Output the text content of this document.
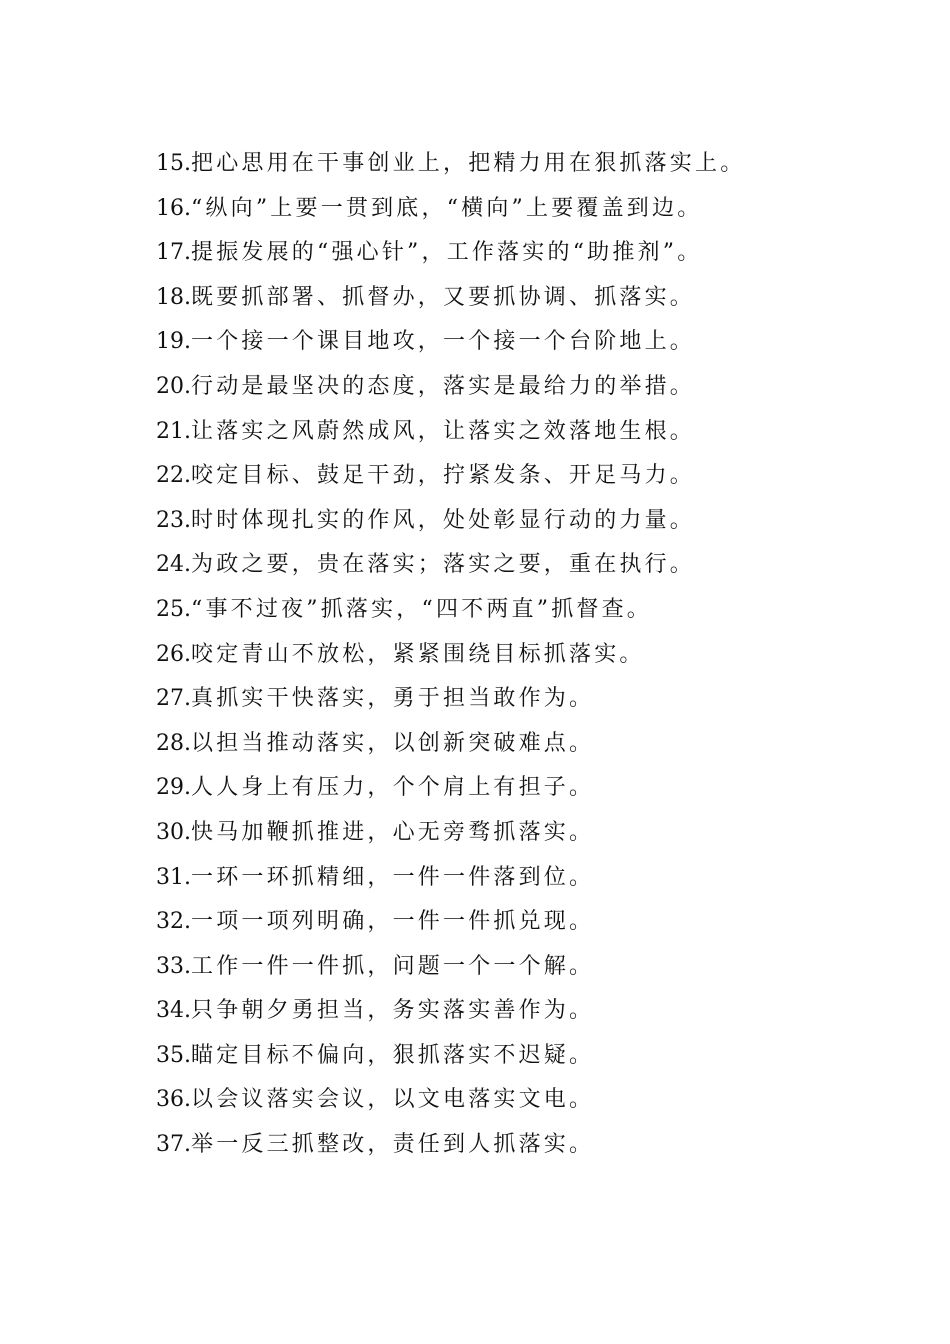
15.把心思用在干事创业上，把精力用在狠抓落实上。
16.“纵向”上要一贯到底，“横向”上要覆盖到边。
17.提振发展的“强心针”，工作落实的“助推剂”。
18.既要抓部署、抓督办，又要抓协调、抓落实。
19.一个接一个课目地攻，一个接一个台阶地上。
20.行动是最坚决的态度，落实是最给力的举措。
21.让落实之风蔚然成风，让落实之效落地生根。
22.咬定目标、鼓足干劲，拧紧发条、开足马力。
23.时时体现扎实的作风，处处彰显行动的力量。
24.为政之要，贵在落实；落实之要，重在执行。
25.“事不过夜”抓落实，“四不两直”抓督查。
26.咬定青山不放松，紧紧围绕目标抓落实。
27.真抓实干快落实，勇于担当敢作为。
28.以担当推动落实，以创新突破难点。
29.人人身上有压力，个个肩上有担子。
30.快马加鞭抓推进，心无旁骛抓落实。
31.一环一环抓精细，一件一件落到位。
32.一项一项列明确，一件一件抓兑现。
33.工作一件一件抓，问题一个一个解。
34.只争朝夕勇担当，务实落实善作为。
35.瞄定目标不偏向，狠抓落实不迟疑。
36.以会议落实会议，以文电落实文电。
37.举一反三抓整改，责任到人抓落实。
